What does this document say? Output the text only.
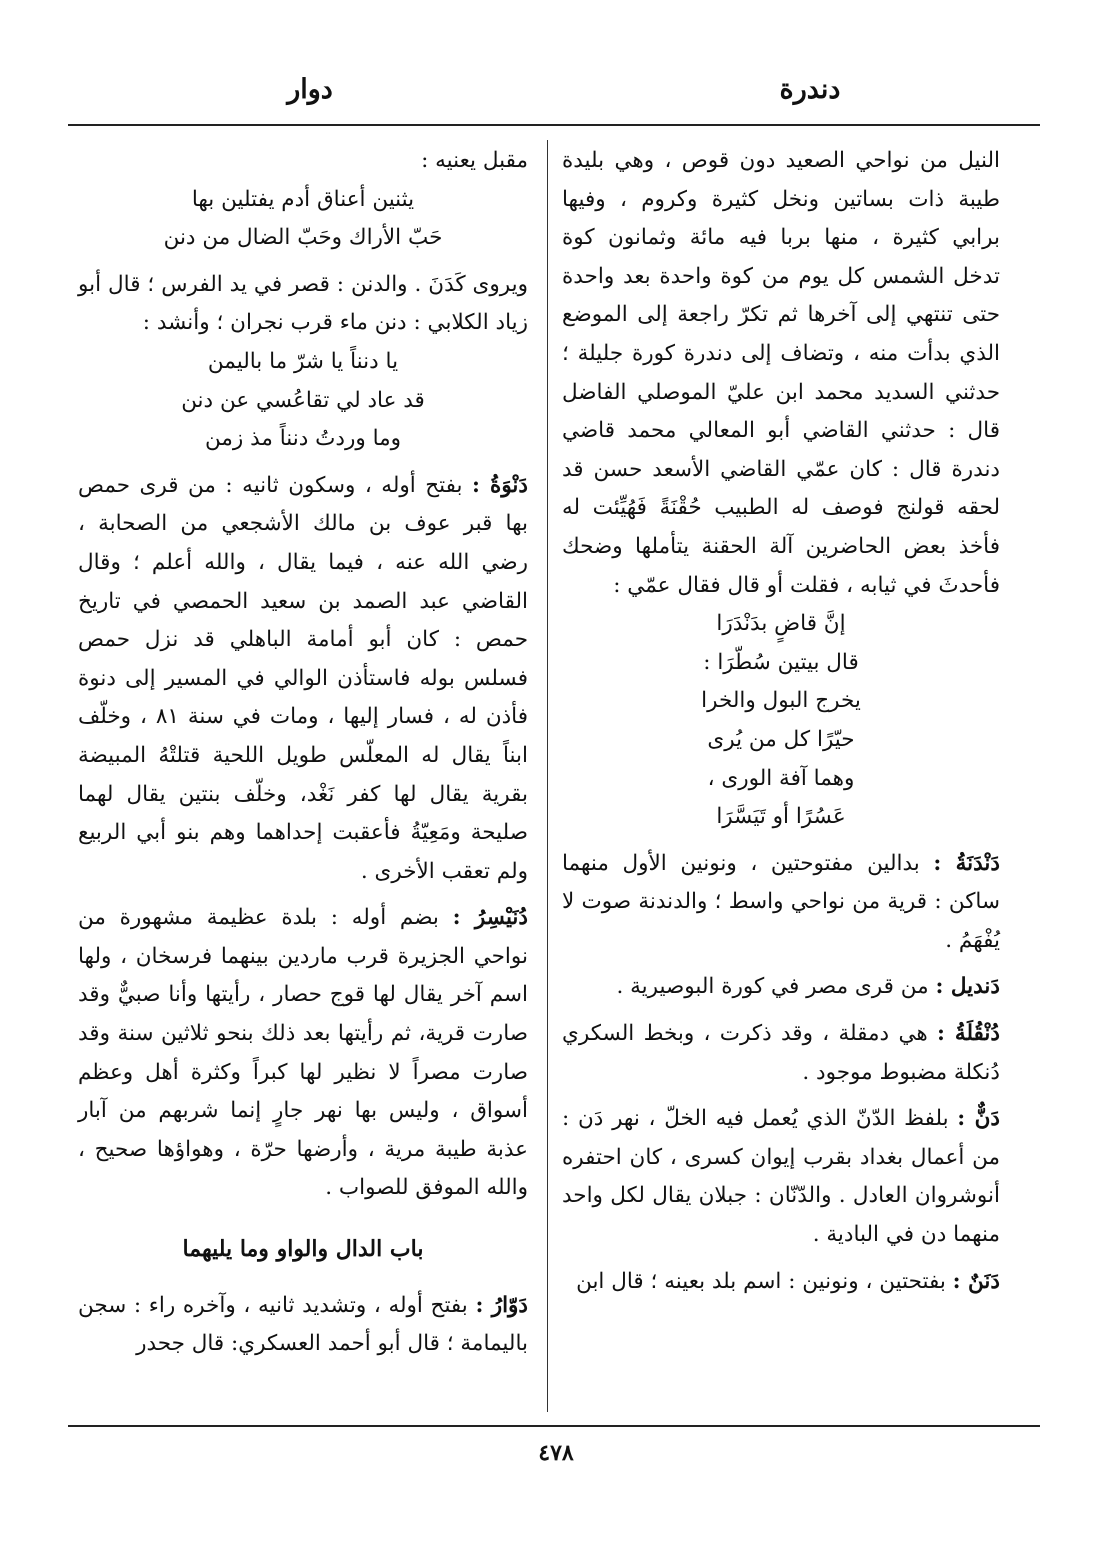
دندرة
دوار

النيل من نواحي الصعيد دون قوص ، وهي بليدة طيبة ذات بساتين ونخل كثيرة وكروم ، وفيها برابي كثيرة ، منها بربا فيه مائة وثمانون كوة تدخل الشمس كل يوم من كوة واحدة بعد واحدة حتى تنتهي إلى آخرها ثم تكرّ راجعة إلى الموضع الذي بدأت منه ، وتضاف إلى دندرة كورة جليلة ؛ حدثني السديد محمد ابن عليّ الموصلي الفاضل قال : حدثني القاضي أبو المعالي محمد قاضي دندرة قال : كان عمّي القاضي الأسعد حسن قد لحقه قولنج فوصف له الطبيب حُقْنَةً فَهُيِّئت له فأخذ بعض الحاضرين آلة الحقنة يتأملها وضحك فأحدثَ في ثيابه ، فقلت أو قال فقال عمّي :

إنَّ قاضٍ بدَنْدَرَا
قال بيتين سُطّرَا :
يخرج البول والخرا
حيّرًا كل من يُرى
وهما آفة الورى ،
عَسُرًا أو تَيَسَّرَا

دَنْدَنَةُ : بدالين مفتوحتين ، ونونين الأول منهما ساكن : قرية من نواحي واسط ؛ والدندنة صوت لا يُفْهَمُ .

دَنديل : من قرى مصر في كورة البوصيرية .

دُنْقُلَةُ : هي دمقلة ، وقد ذكرت ، وبخط السكري دُنكلة مضبوط موجود .

دَنٌّ : بلفظ الدّنّ الذي يُعمل فيه الخلّ ، نهر دَن : من أعمال بغداد بقرب إيوان كسرى ، كان احتفره أنوشروان العادل . والدّنّان : جبلان يقال لكل واحد منهما دن في البادية .

دَنَنٌ : بفتحتين ، ونونين : اسم بلد بعينه ؛ قال ابن

مقبل يعنيه :

يثنين أعناق أدم يفتلين بها
حَبّ الأراك وحَبّ الضال من دنن

ويروى كَدَنَ . والدنن : قصر في يد الفرس ؛ قال أبو زياد الكلابي : دنن ماء قرب نجران ؛ وأنشد :

يا دنناً يا شرّ ما باليمن
قد عاد لي تقاعُسي عن دنن
وما وردتُ دنناً مذ زمن

دَنْوَةُ : بفتح أوله ، وسكون ثانيه : من قرى حمص بها قبر عوف بن مالك الأشجعي من الصحابة ، رضي الله عنه ، فيما يقال ، والله أعلم ؛ وقال القاضي عبد الصمد بن سعيد الحمصي في تاريخ حمص : كان أبو أمامة الباهلي قد نزل حمص فسلس بوله فاستأذن الوالي في المسير إلى دنوة فأذن له ، فسار إليها ، ومات في سنة ٨١ ، وخلّف ابناً يقال له المعلّس طويل اللحية قتلتْهُ المبيضة بقرية يقال لها كفر نَغْد، وخلّف بنتين يقال لهما صليحة ومَعِيّةُ فأعقبت إحداهما وهم بنو أبي الربيع ولم تعقب الأخرى .

دُنَيْسِرُ : بضم أوله : بلدة عظيمة مشهورة من نواحي الجزيرة قرب ماردين بينهما فرسخان ، ولها اسم آخر يقال لها قوج حصار ، رأيتها وأنا صبيٌّ وقد صارت قرية، ثم رأيتها بعد ذلك بنحو ثلاثين سنة وقد صارت مصراً لا نظير لها كبراً وكثرة أهل وعظم أسواق ، وليس بها نهر جارٍ إنما شربهم من آبار عذبة طيبة مرية ، وأرضها حرّة ، وهواؤها صحيح ، والله الموفق للصواب .

باب الدال والواو وما يليهما

دَوّارُ : بفتح أوله ، وتشديد ثانيه ، وآخره راء : سجن باليمامة ؛ قال أبو أحمد العسكري: قال جحدر

٤٧٨
